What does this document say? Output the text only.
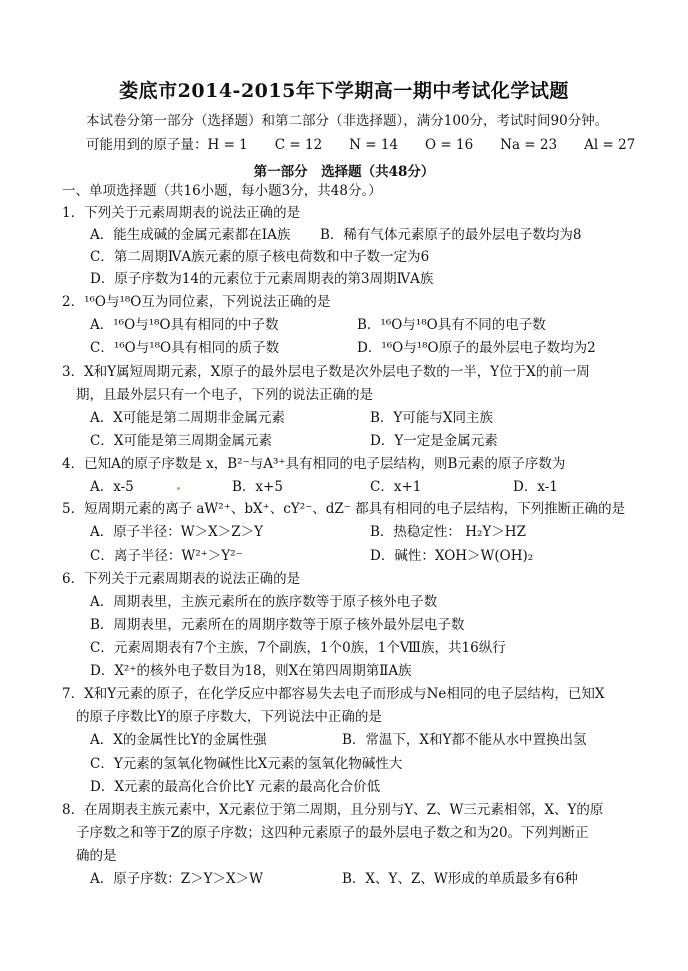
娄底市2014-2015年下学期高一期中考试化学试题
本试卷分第一部分（选择题）和第二部分（非选择题），满分100分，考试时间90分钟。
可能用到的原子量：H = 1　　C = 12　　N = 14　　O = 16　　Na = 23　　Al = 27
第一部分　选择题（共48分）
一、单项选择题（共16小题，每小题3分，共48分。）
1．下列关于元素周期表的说法正确的是
A．能生成碱的金属元素都在ⅠA族 B．稀有气体元素原子的最外层电子数均为8
C．第二周期ⅣA族元素的原子核电荷数和中子数一定为6
D．原子序数为14的元素位于元素周期表的第3周期ⅣA族
2．¹⁶O与¹⁸O互为同位素，下列说法正确的是
A．¹⁶O与¹⁸O具有相同的中子数	B．¹⁶O与¹⁸O具有不同的电子数
C．¹⁶O与¹⁸O具有相同的质子数	D．¹⁶O与¹⁸O原子的最外层电子数均为2
3．X和Y属短周期元素，X原子的最外层电子数是次外层电子数的一半，Y位于X的前一周
期，且最外层只有一个电子，下列的说法正确的是
A．X可能是第二周期非金属元素	B．Y可能与X同主族
C．X可能是第三周期金属元素	D．Y一定是金属元素
4．已知A的原子序数是 x，B²⁻与A³⁺具有相同的电子层结构，则B元素的原子序数为
A．x-5	B．x+5	C．x+1	D．x-1
5．短周期元素的离子 aW²⁺、bX⁺、cY²⁻、dZ⁻ 都具有相同的电子层结构，下列推断正确的是
A．原子半径：W＞X＞Z＞Y	B．热稳定性： H₂Y＞HZ
C．离子半径：W²⁺＞Y²⁻	D．碱性：XOH＞W(OH)₂
6．下列关于元素周期表的说法正确的是
A．周期表里，主族元素所在的族序数等于原子核外电子数
B．周期表里，元素所在的周期序数等于原子核外最外层电子数
C．元素周期表有7个主族，7个副族，1个0族，1个Ⅷ族，共16纵行
D．X²⁺的核外电子数目为18，则X在第四周期第ⅡA族
7．X和Y元素的原子，在化学反应中都容易失去电子而形成与Ne相同的电子层结构，已知X
的原子序数比Y的原子序数大，下列说法中正确的是
A．X的金属性比Y的金属性强	B．常温下，X和Y都不能从水中置换出氢
C．Y元素的氢氧化物碱性比X元素的氢氧化物碱性大
D．X元素的最高化合价比Y 元素的最高化合价低
8．在周期表主族元素中，X元素位于第二周期，且分别与Y、Z、W三元素相邻，X、Y的原
子序数之和等于Z的原子序数；这四种元素原子的最外层电子数之和为20。下列判断正
确的是
A．原子序数：Z＞Y＞X＞W	B．X、Y、Z、W形成的单质最多有6种
